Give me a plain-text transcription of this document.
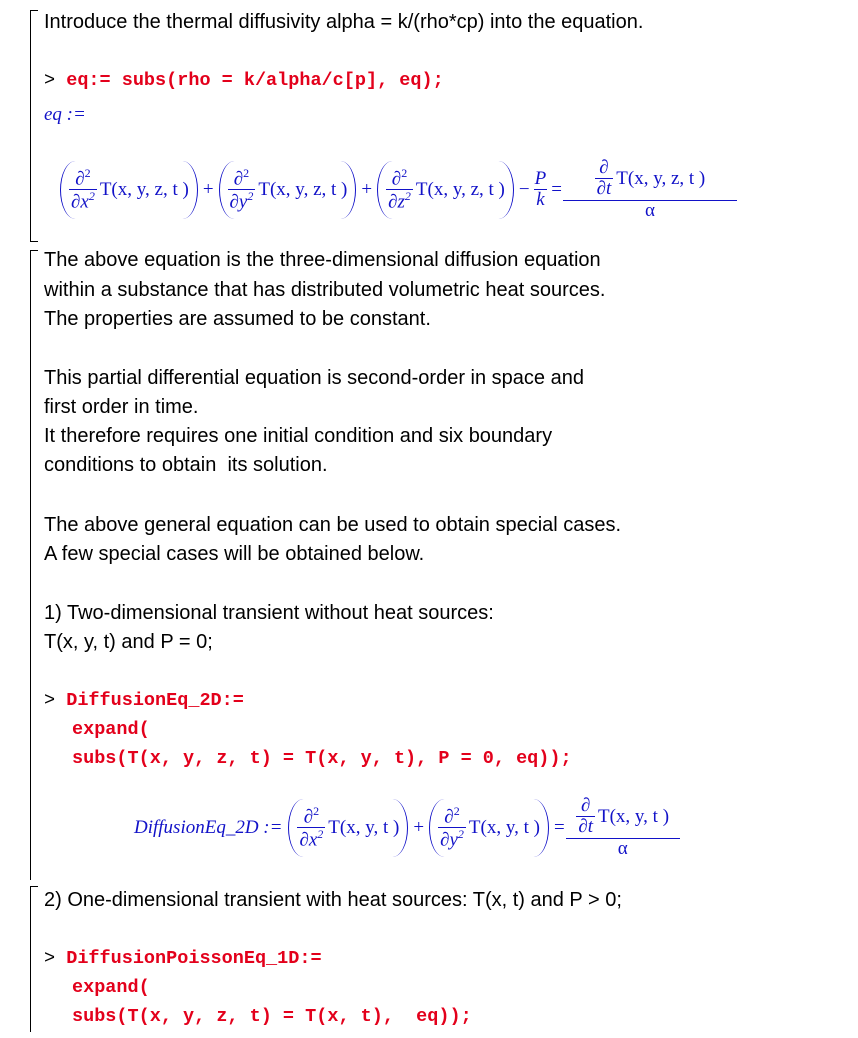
Introduce the thermal diffusivity alpha = k/(rho*cp) into the equation.
> eq:= subs(rho = k/alpha/c[p], eq);
eq :=
$\frac{\partial^2}{\partial x^2} T(x$, y, z, t ) + $\frac{\partial^2}{\partial y^2} T(x$, y, z, t ) + $\frac{\partial^2}{\partial z^2} T(x$, y, z, t ) − $\frac{P}{k} = \frac{\frac{\partial}{\partial t} T(x, y, z, t )}{\alpha}$
The above equation is the three-dimensional diffusion equation
within a substance that has distributed volumetric heat sources.
The properties are assumed to be constant.
This partial differential equation is second-order in space and
first order in time.
It therefore requires one initial condition and six boundary
conditions to obtain  its solution.
The above general equation can be used to obtain special cases.
A few special cases will be obtained below.
1) Two-dimensional transient without heat sources:
T(x, y, t) and P = 0;
> DiffusionEq_2D:=
expand(
subs(T(x, y, z, t) = T(x, y, t), P = 0, eq));
DiffusionEq_2D := $\frac{\partial^2}{\partial x^2} T(x$, y, t ) + $\frac{\partial^2}{\partial y^2} T(x$, y, t ) = $\frac{\frac{\partial}{\partial t} T(x, y, t )}{\alpha}$
2) One-dimensional transient with heat sources: T(x, t) and P > 0;
> DiffusionPoissonEq_1D:=
expand(
subs(T(x, y, z, t) = T(x, t),  eq));
